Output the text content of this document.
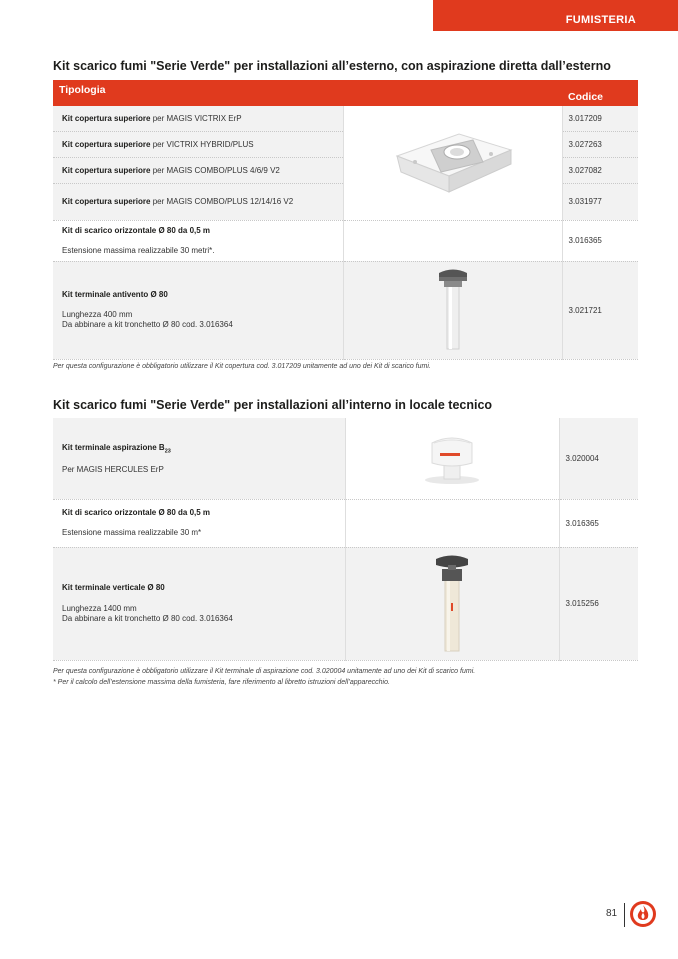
FUMISTERIA
Kit scarico fumi "Serie Verde" per installazioni all’esterno, con aspirazione diretta dall’esterno
Tipologia		Codice
Kit copertura superiore per MAGIS VICTRIX ErP		3.017209
Kit copertura superiore per VICTRIX HYBRID/PLUS		3.027263
Kit copertura superiore per MAGIS COMBO/PLUS 4/6/9 V2		3.027082
Kit copertura superiore per MAGIS COMBO/PLUS 12/14/16 V2		3.031977

Kit di scarico orizzontale Ø 80 da 0,5 m
Estensione massima realizzabile 30 metri*.		3.016365

Kit terminale antivento Ø 80
Lunghezza 400 mm
Da abbinare a kit tronchetto Ø 80 cod. 3.016364		3.021721
Per questa configurazione è obbligatorio utilizzare il Kit copertura cod. 3.017209 unitamente ad uno dei Kit di scarico fumi.
Kit scarico fumi "Serie Verde" per installazioni all’interno in locale tecnico
Kit terminale aspirazione $B_{23}$
Per MAGIS HERCULES ErP		3.020004

Kit di scarico orizzontale Ø 80 da 0,5 m
Estensione massima realizzabile 30 m*		3.016365

Kit terminale verticale Ø 80
Lunghezza 1400 mm
Da abbinare a kit tronchetto Ø 80 cod. 3.016364		3.015256
Per questa configurazione è obbligatorio utilizzare il Kit terminale di aspirazione cod. 3.020004 unitamente ad uno dei Kit di scarico fumi.
* Per il calcolo dell’estensione massima della fumisteria, fare riferimento al libretto istruzioni dell’apparecchio.
81
